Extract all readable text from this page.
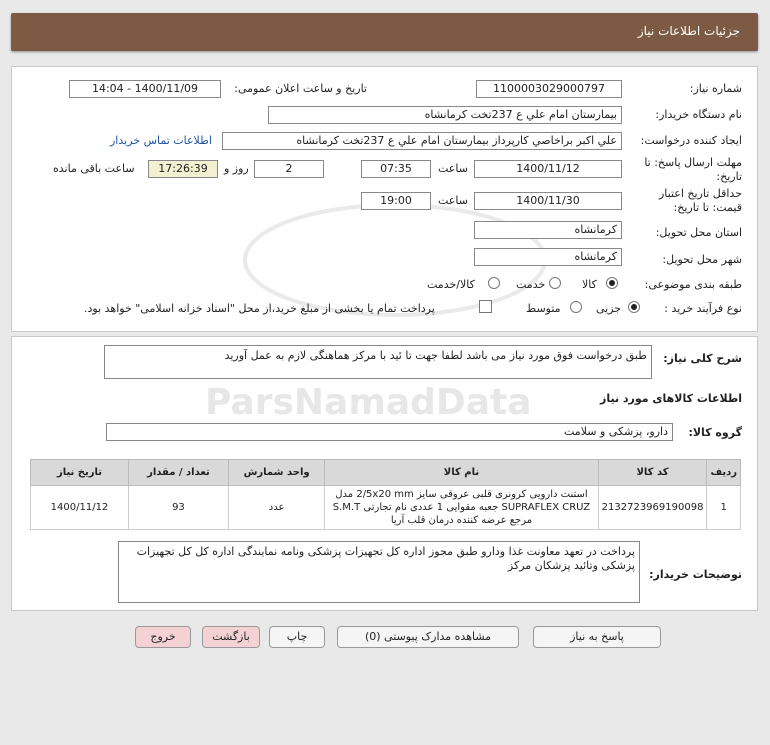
جزئیات اطلاعات نیاز
شماره نیاز:
1100003029000797
تاریخ و ساعت اعلان عمومی:
1400/11/09 - 14:04
نام دستگاه خریدار:
بیمارستان امام علي ع 237تخت کرمانشاه
ایجاد کننده درخواست:
علي اکبر براخاصي کارپرداز بیمارستان امام علي ع 237تخت کرمانشاه
اطلاعات تماس خریدار
مهلت ارسال پاسخ: تا
تاریخ:
1400/11/12
ساعت
07:35
2
روز و
17:26:39
ساعت باقی مانده
حداقل تاریخ اعتبار
قیمت: تا تاریخ:
1400/11/30
ساعت
19:00
استان محل تحویل:
کرمانشاه
شهر محل تحویل:
کرمانشاه
طبقه بندی موضوعی:
کالا
خدمت
کالا/خدمت
نوع فرآیند خرید :
جزیی
متوسط
پرداخت تمام یا بخشی از مبلغ خرید،از محل "اسناد خزانه اسلامی" خواهد بود.
شرح کلی نیاز:
طبق درخواست فوق مورد نیاز می باشد لطفا جهت تا ئید با مرکز هماهنگی لازم به عمل آورید
ParsNamadData	اطلاعات کالاهای مورد نیاز
گروه کالا:
دارو، پزشکی و سلامت
ردیف	کد کالا	نام کالا	واحد شمارش	تعداد / مقدار	تاریخ نیاز
1	2132723969190098	استنت دارویی کرونری قلبی عروقی سایز 2/5x20 mm مدل
SUPRAFLEX CRUZ جعبه مقوایی 1 عددی نام تجارتی S.M.T
مرجع عرضه کننده درمان قلب آریا	عدد	93	1400/11/12
توضیحات خریدار:
پرداخت در تعهد معاونت غذا ودارو طبق مجوز اداره کل تجهیزات پزشکی ونامه نمایندگی اداره کل کل تجهیزات پزشکی وتائید پزشکان مرکز
پاسخ به نیاز
مشاهده مدارک پیوستی (0)
چاپ
بازگشت
خروج
